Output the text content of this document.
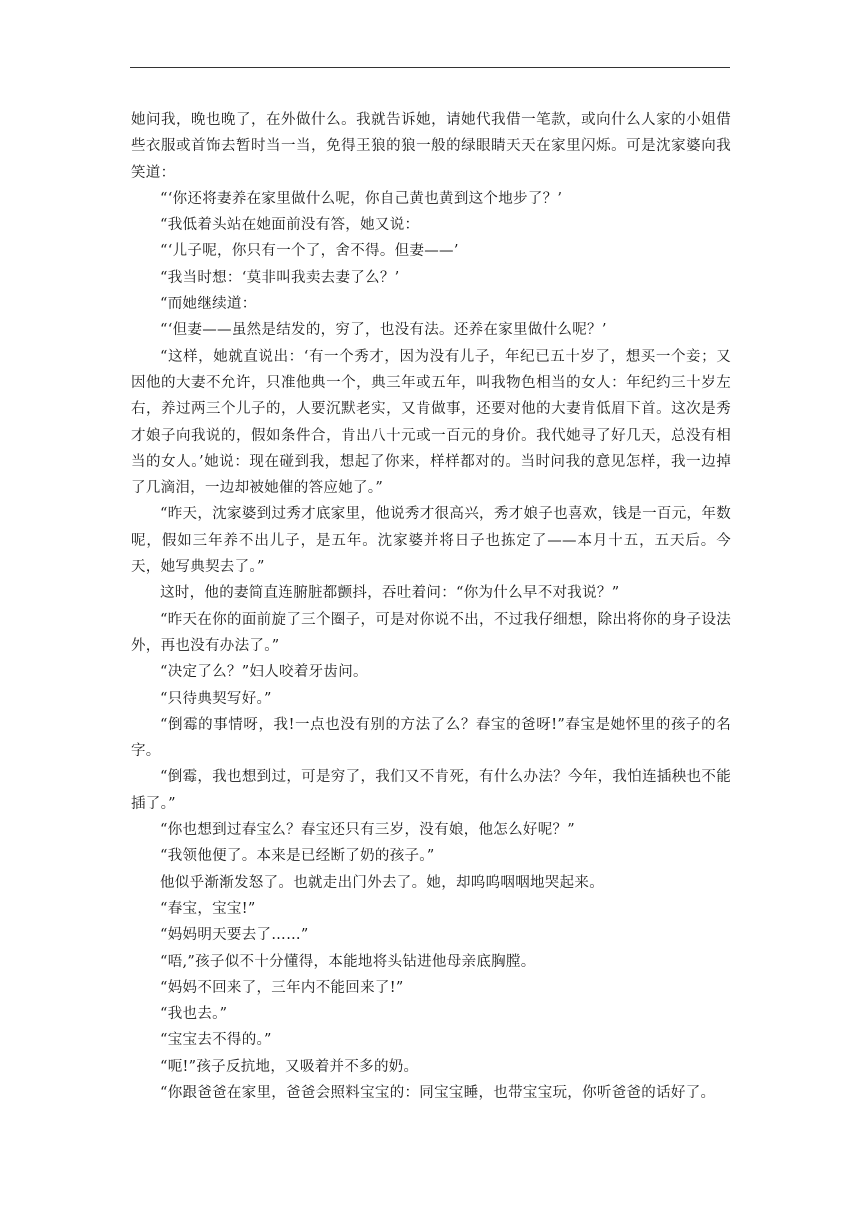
她问我，晚也晚了，在外做什么。我就告诉她，请她代我借一笔款，或向什么人家的小姐借些衣服或首饰去暂时当一当，免得王狼的狼一般的绿眼睛天天在家里闪烁。可是沈家婆向我笑道：

“‘你还将妻养在家里做什么呢，你自己黄也黄到这个地步了？’

“我低着头站在她面前没有答，她又说：

“‘儿子呢，你只有一个了，舍不得。但妻——’

“我当时想：‘莫非叫我卖去妻了么？’

“而她继续道：

“‘但妻——虽然是结发的，穷了，也没有法。还养在家里做什么呢？’

“这样，她就直说出：‘有一个秀才，因为没有儿子，年纪已五十岁了，想买一个妾；又因他的大妻不允许，只准他典一个，典三年或五年，叫我物色相当的女人：年纪约三十岁左右，养过两三个儿子的，人要沉默老实，又肯做事，还要对他的大妻肯低眉下首。这次是秀才娘子向我说的，假如条件合，肯出八十元或一百元的身价。我代她寻了好几天，总没有相当的女人。’她说：现在碰到我，想起了你来，样样都对的。当时问我的意见怎样，我一边掉了几滴泪，一边却被她催的答应她了。”

“昨天，沈家婆到过秀才底家里，他说秀才很高兴，秀才娘子也喜欢，钱是一百元，年数呢，假如三年养不出儿子，是五年。沈家婆并将日子也拣定了——本月十五，五天后。今天，她写典契去了。”

这时，他的妻简直连腑脏都颤抖，吞吐着问：“你为什么早不对我说？”

“昨天在你的面前旋了三个圈子，可是对你说不出，不过我仔细想，除出将你的身子设法外，再也没有办法了。”

“决定了么？”妇人咬着牙齿问。

“只待典契写好。”

“倒霉的事情呀，我!一点也没有别的方法了么？春宝的爸呀!”春宝是她怀里的孩子的名字。

“倒霉，我也想到过，可是穷了，我们又不肯死，有什么办法？今年，我怕连插秧也不能插了。”

“你也想到过春宝么？春宝还只有三岁，没有娘，他怎么好呢？”

“我领他便了。本来是已经断了奶的孩子。”

他似乎渐渐发怒了。也就走出门外去了。她，却呜呜咽咽地哭起来。

“春宝，宝宝!”

“妈妈明天要去了……”

“唔,”孩子似不十分懂得，本能地将头钻进他母亲底胸膛。

“妈妈不回来了，三年内不能回来了!”

“我也去。”

“宝宝去不得的。”

“呃!”孩子反抗地，又吸着并不多的奶。

“你跟爸爸在家里，爸爸会照料宝宝的：同宝宝睡，也带宝宝玩，你听爸爸的话好了。
